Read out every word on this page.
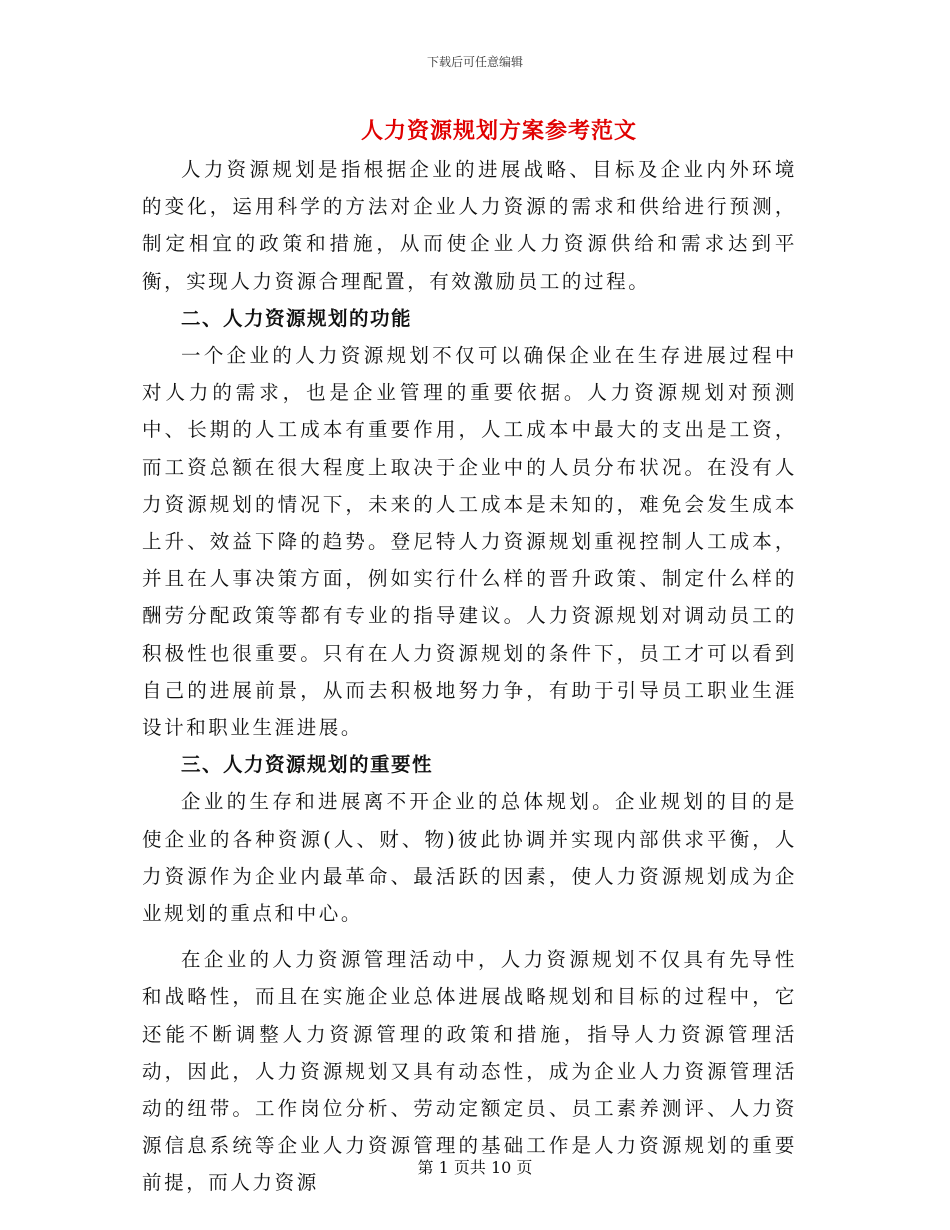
下载后可任意编辑
人力资源规划方案参考范文

人力资源规划是指根据企业的进展战略、目标及企业内外环境的变化，运用科学的方法对企业人力资源的需求和供给进行预测，制定相宜的政策和措施，从而使企业人力资源供给和需求达到平衡，实现人力资源合理配置，有效激励员工的过程。

二、人力资源规划的功能

一个企业的人力资源规划不仅可以确保企业在生存进展过程中对人力的需求，也是企业管理的重要依据。人力资源规划对预测中、长期的人工成本有重要作用，人工成本中最大的支出是工资，而工资总额在很大程度上取决于企业中的人员分布状况。在没有人力资源规划的情况下，未来的人工成本是未知的，难免会发生成本上升、效益下降的趋势。登尼特人力资源规划重视控制人工成本，并且在人事决策方面，例如实行什么样的晋升政策、制定什么样的酬劳分配政策等都有专业的指导建议。人力资源规划对调动员工的积极性也很重要。只有在人力资源规划的条件下，员工才可以看到自己的进展前景，从而去积极地努力争，有助于引导员工职业生涯设计和职业生涯进展。

三、人力资源规划的重要性

企业的生存和进展离不开企业的总体规划。企业规划的目的是使企业的各种资源(人、财、物)彼此协调并实现内部供求平衡，人力资源作为企业内最革命、最活跃的因素，使人力资源规划成为企业规划的重点和中心。

在企业的人力资源管理活动中，人力资源规划不仅具有先导性和战略性，而且在实施企业总体进展战略规划和目标的过程中，它还能不断调整人力资源管理的政策和措施，指导人力资源管理活动，因此，人力资源规划又具有动态性，成为企业人力资源管理活动的纽带。工作岗位分析、劳动定额定员、员工素养测评、人力资源信息系统等企业人力资源管理的基础工作是人力资源规划的重要前提，而人力资源

第 1 页共 10 页
